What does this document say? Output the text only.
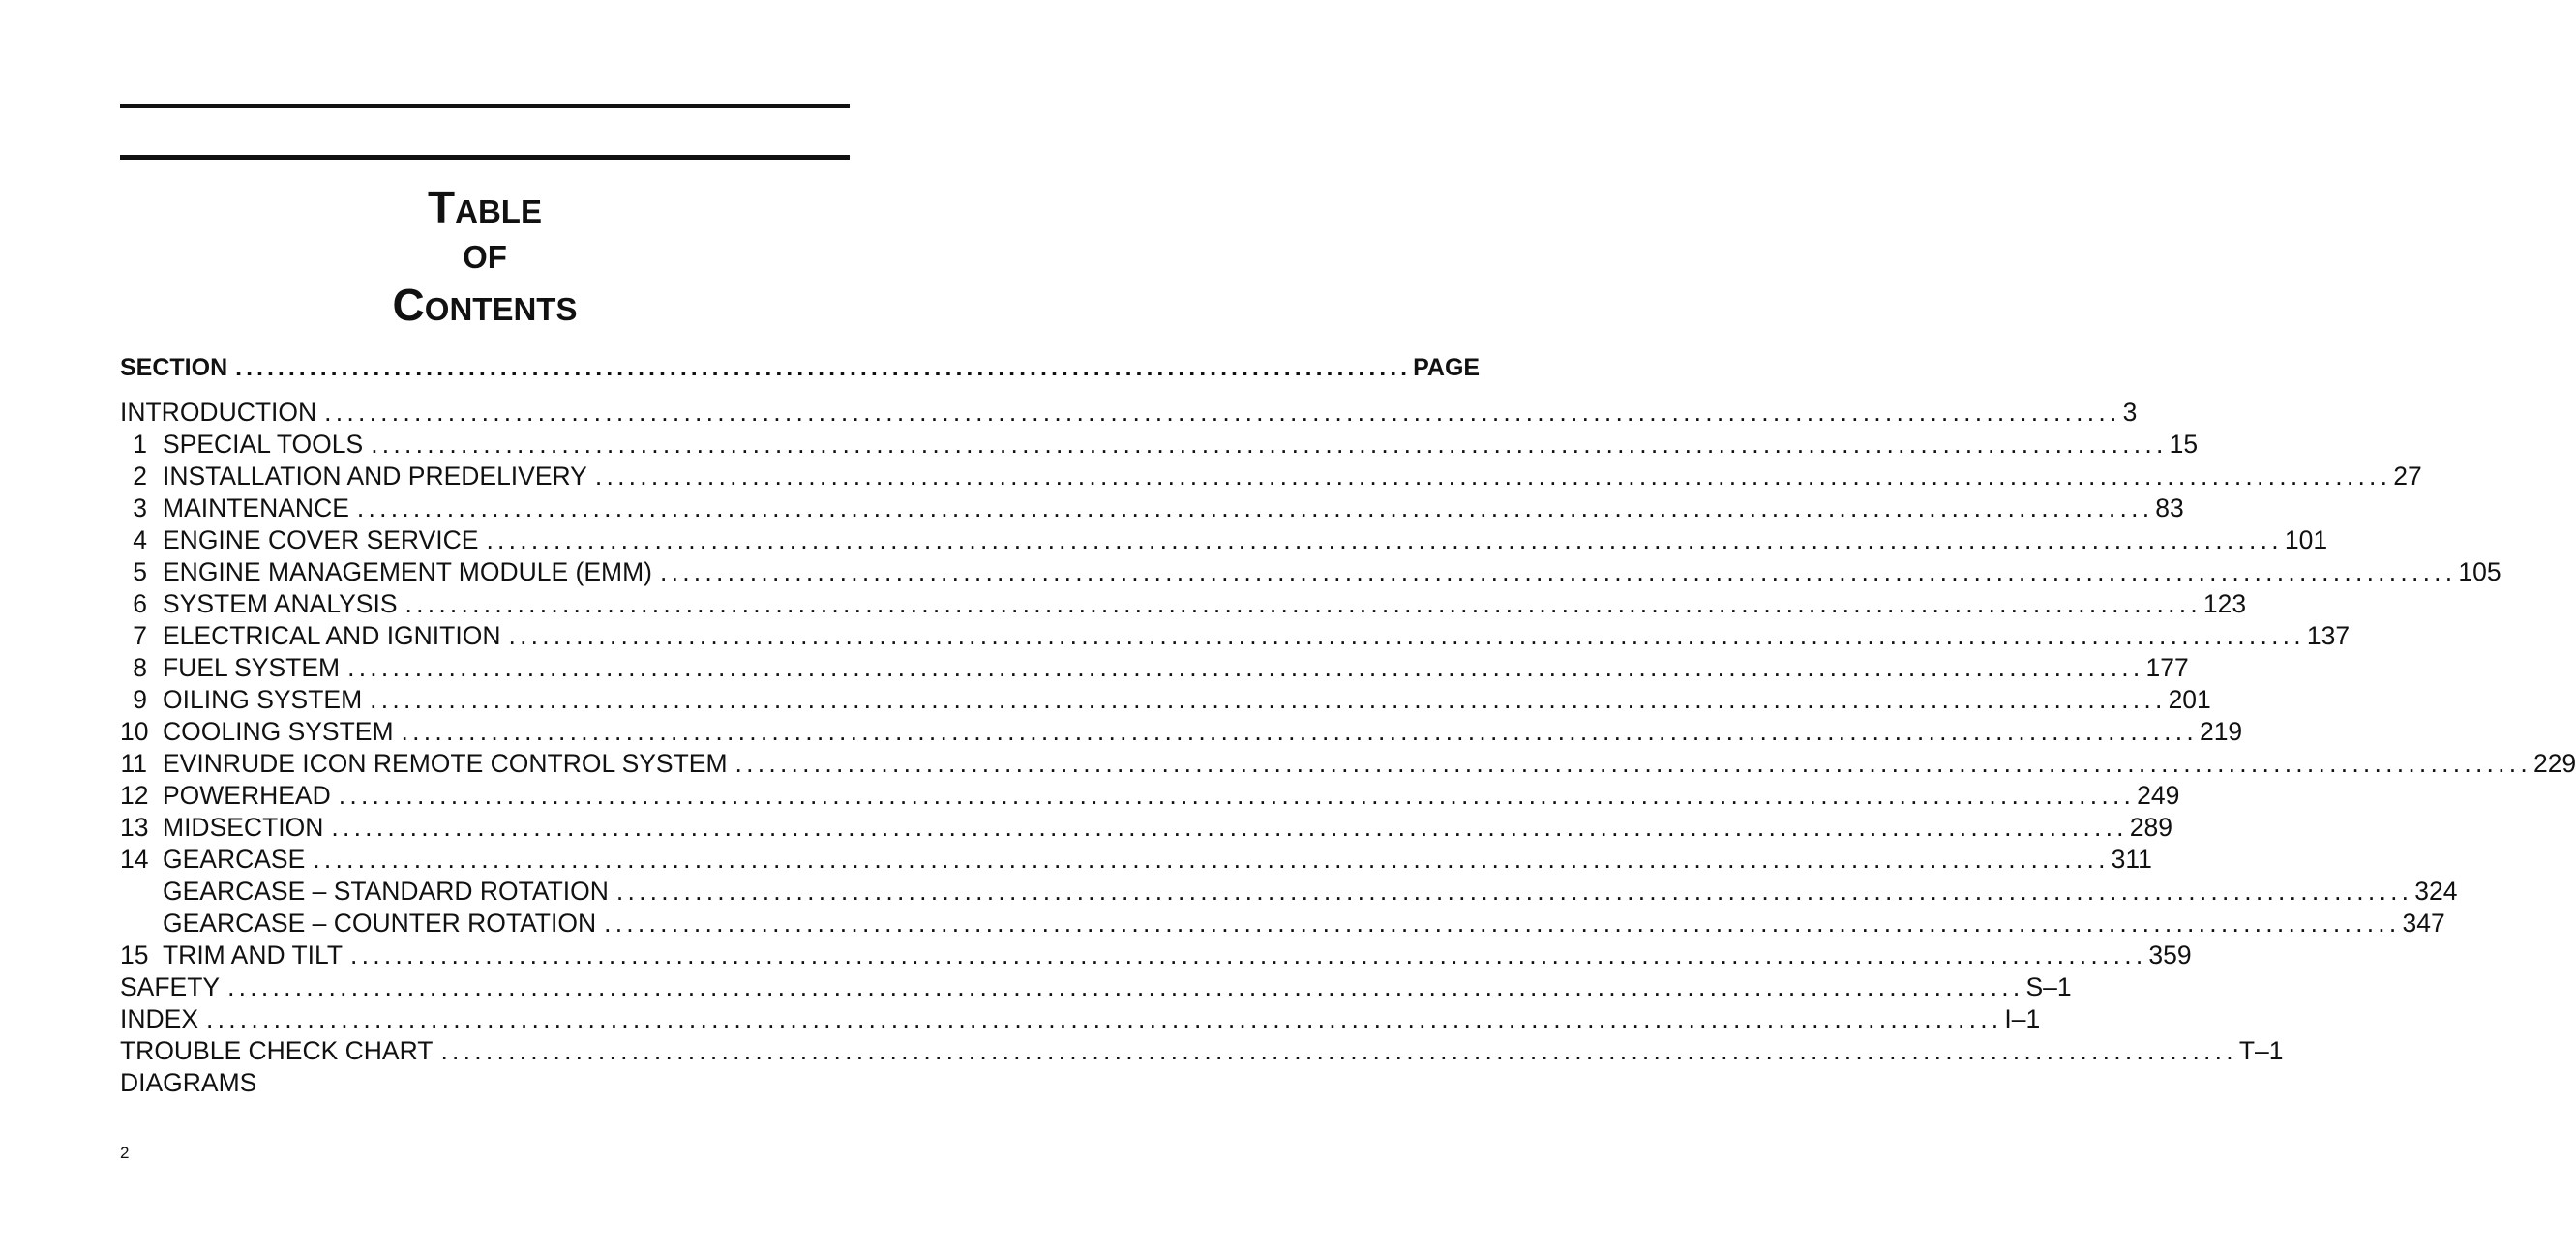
TABLE
OF
CONTENTS
SECTION ............................................................................................................... PAGE
INTRODUCTION ................................................................................................................................................................ 3
1 SPECIAL TOOLS ................................................................................................................................................................ 15
2 INSTALLATION AND PREDELIVERY ................................................................................................................................................................ 27
3 MAINTENANCE ................................................................................................................................................................ 83
4 ENGINE COVER SERVICE ................................................................................................................................................................ 101
5 ENGINE MANAGEMENT MODULE (EMM) ................................................................................................................................................................ 105
6 SYSTEM ANALYSIS ................................................................................................................................................................ 123
7 ELECTRICAL AND IGNITION ................................................................................................................................................................ 137
8 FUEL SYSTEM ................................................................................................................................................................ 177
9 OILING SYSTEM ................................................................................................................................................................ 201
10 COOLING SYSTEM ................................................................................................................................................................ 219
11 EVINRUDE ICON REMOTE CONTROL SYSTEM ................................................................................................................................................................ 229
12 POWERHEAD ................................................................................................................................................................ 249
13 MIDSECTION ................................................................................................................................................................ 289
14 GEARCASE ................................................................................................................................................................ 311
GEARCASE – STANDARD ROTATION ................................................................................................................................................................ 324
GEARCASE – COUNTER ROTATION ................................................................................................................................................................ 347
15 TRIM AND TILT ................................................................................................................................................................ 359
SAFETY ................................................................................................................................................................ S–1
INDEX ................................................................................................................................................................ I–1
TROUBLE CHECK CHART ................................................................................................................................................................ T–1
DIAGRAMS
2
